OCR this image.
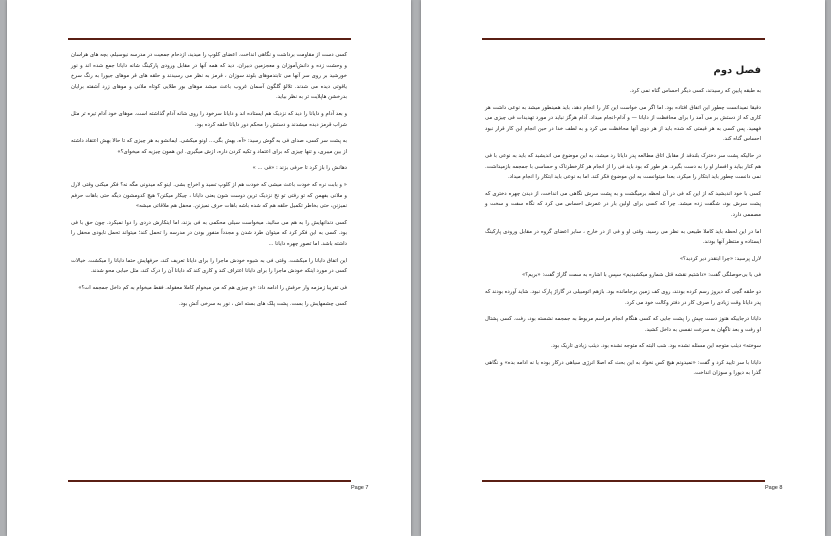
کسی دست از مقاومت برداشت و نگاهی انداخت. اعضای کلوپ را میدید، ازدحام جمعیت در مدرسه نیوسیلم، بچه های هراسان و وحشت زده و دانش‌آموزان و معجزمین دبیران. دید که همه آنها در مقابل ورودی پارکینگ شانه دایانا جمع شده اند و نور خورشید بر روی سر آنها می تابندموهای بلوند سوزان ، قرمز به نظر می رسیدند و حلقه های قر موهای جیورا به رنگ سرخ یاقوتی دیده می شدند. تلالؤ گلگون آسمان غروب باعث میشد موهای بور طلایی کوتاه ملانی و موهای زرد آشفته برایان بدرخشن هاپلایت تر به نظر بیاید.

و بعد آدام و دایانا را دید که نزدیک هم ایستاده اند و دایانا سرخود را روی شانه آدام گذاشته است. موهای خود آدام تیره تر مثل شراب قرمز دیده میشدند و دستش را محکم دور دایانا حلقه کرده بود.

به پشت سر کسی، صدای فی به گوش رسید: «آه، بهش بگی... اونو میکشی. ایمانشو به هر چیزی که تا حالا بهش اعتقاد داشته از بین میبری، و تنها چیزی که برای اعتماد و تکیه کردن داره، ازش میگیری. این همون چیزیه که میخوای؟»

دهانش را باز کرد تا حرفی بزند : «فی ... »

« و بابت نره که خودت باعث میشی که خودت هم از کلوپ تسید و اخراج بشی. اینو که میدونی مگه نه؟ فکر میکنی وقتی لارل و ملانی بفهمن که تو رفتی تو نخ نزدیک ترین دوست شون یعنی دایانا ، چیکار میکنن؟ هیچ کدومشون دیگه حتی باهات حرفم نمیزنن، حتی بخاطر تکمیل حلقه هم که شده باشه باهات حرف نمیزنن. محفل هم ملاقاتی میشه»

کسی دندانهایش را به هم می سائید. میخواست سیلی محکمی به فی بزند، اما اینکارش دردی را دوا نمیکرد. چون حق با فی بود. کسی به این فکر کرد که میتوان طرد شدن و مجدداً منفور بودن در مدرسه را تحمل کند؛ میتواند تحمل نابودی محفل را داشته باشد. اما تصور چهره دایانا ...

این اتفاق دایانا را میکشت. وقتی فی به شیوه خودش ماجرا را برای دایانا تعریف کند، حرفهایش حتما دایانا را میکشت. خیالات کسی در مورد اینکه خودش ماجرا را برای دایانا اعتراف کند و کاری کند که دایانا آن را درک کند، مثل حبابی محو شدند.

فی تقریبا زمزمه وار حرفش را ادامه داد: «و چیزی هم که من میخوام کاملا معقوله. فقط میخوام به کم داخل جمجمه ات؟»

کسی چشمهایش را بست. پشت پلک های بسته اش ، نور به سرخی آتش بود.

Page 7
فصل دوم

به طبقه پایین که رسیدند، کسی دیگر احساس گناه نمی کرد.

دقیقا نمیدانست چطور این اتفاق افتاده بود. اما اگر می خواست این کار را انجام دهد، باید همینطور میشد به نوعی داشت هر کاری که از دستش بر می آمد را برای محافظت از دایانا — و آدام-انجام میداد. آدام هرگز نباید در مورد تهدیدات فی چیزی می فهمید. پس کسی به هر قیمتی که شده باید از هر دوی آنها محافظت می کرد و به لطف خدا در حین انجام این کار قرار نبود احساس گناه کند.

در حالیکه پشت سر دخترک بلندقد از مقابل اتاق مطالعه پدر دایانا رد میشد، به این موضوع می اندیشید که باید به نوعی با فی هم کنار بیاید و افسار او را به دست بگیرد. هر طور که بود باید فی را از انجام هر کارخطرناک و حساسی با جمجمه بازمیداشت. نمی دانست چطور باید ابتکار را میکرد، بعدا میتوانست به این موضوع فکر کند. اما به نوعی باید ابتکار را انجام میداد.

کسی با خود اندیشید که از این که فی در آن لحظه برمیگشت و به پشت سرش نگاهی می انداخت، از دیدن چهره دختری که پشت سرش بود، شگفت زده میشد. چرا که کسی برای اولین بار در عمرش احساس می کرد که نگاه سفت و سخت و مصممی دارد.

اما در این لحظه باید کاملا طبیعی به نظر می رسید. وقتی او و فی از در خارج ، سایر اعضای گروه در مقابل ورودی پارکینگ ایستاده و منتظر آنها بودند.

لارل پرسید: «چرا اینقدر دیر کردید؟»

فی با بی‌حوصلگی گفت: «داشتیم نقشه قتل شمارو میکشیدیم» سپس با اشاره به سمت گاراژ گفت: «بریم؟»

دو حلقه گچی که دیروز رسم کرده بودند، روی کف زمین برجامانده بود. بازهم اتومبیلی در گاراژ پارک نبود. شاید آورده بودند که پدر دایانا وقت زیادی را صرف کار در دفتر وکالت خود می کرد.

دایانا درجاییکه هنوز دست چپش را پشت جایی که کسی هنگام انجام مراسم مربوط به جمجمه نشسته بود، رفت. کسی پشتال او رفت و بعد ناگهان به سرعت نفسی به داخل کشید.

سوخته» دیئب متوجه این مسئله نشده بود. شب البته که متوجه نشده بود. دیئب زیادی تاریک بود.

دایانا با سر تایید کرد و گفت: «نمیدونم هیچ کس نخواد به این بحث که اصلا انرژی سیاهی درکار بوده یا نه ادامه بده» و نگاهی گذرا به دیورا و سوزان انداخت.

Page 8
